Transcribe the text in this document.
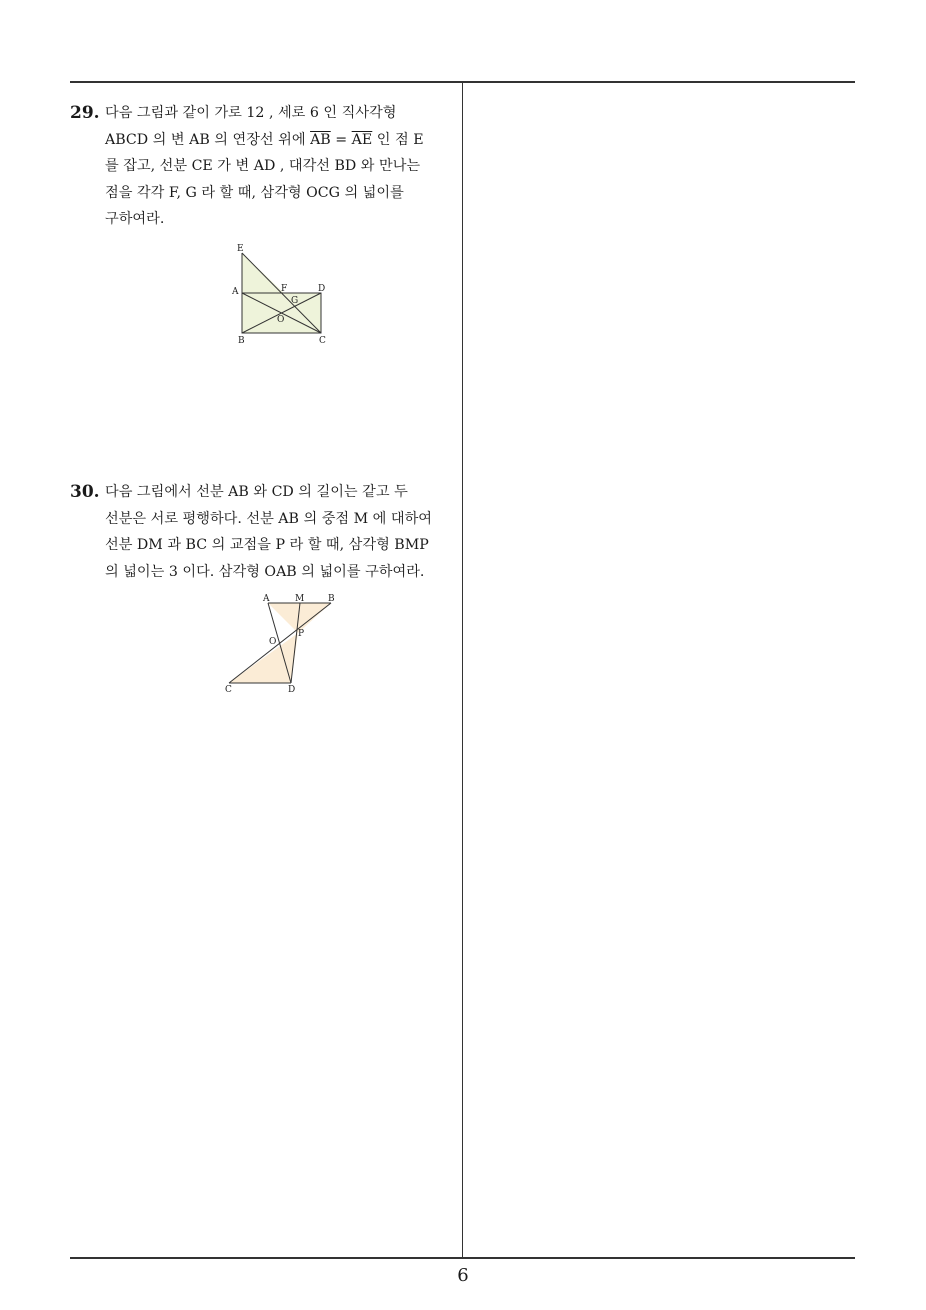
29. 다음 그림과 같이 가로 12 , 세로 6 인 직사각형
ABCD 의 변 AB 의 연장선 위에 $\overline{AB} = \overline{AE}$ 인 점 E
를 잡고, 선분 CE 가 변 AD , 대각선 BD 와 만나는
점을 각각 F, G 라 할 때, 삼각형 OCG 의 넓이를
구하여라.
E
A	F	D
G
O
B	C
30. 다음 그림에서 선분 AB 와 CD 의 길이는 같고 두
선분은 서로 평행하다. 선분 AB 의 중점 M 에 대하여
선분 DM 과 BC 의 교점을 P 라 할 때, 삼각형 BMP
의 넓이는 3 이다. 삼각형 OAB 의 넓이를 구하여라.
A	M	B
O
P
C	D
6
